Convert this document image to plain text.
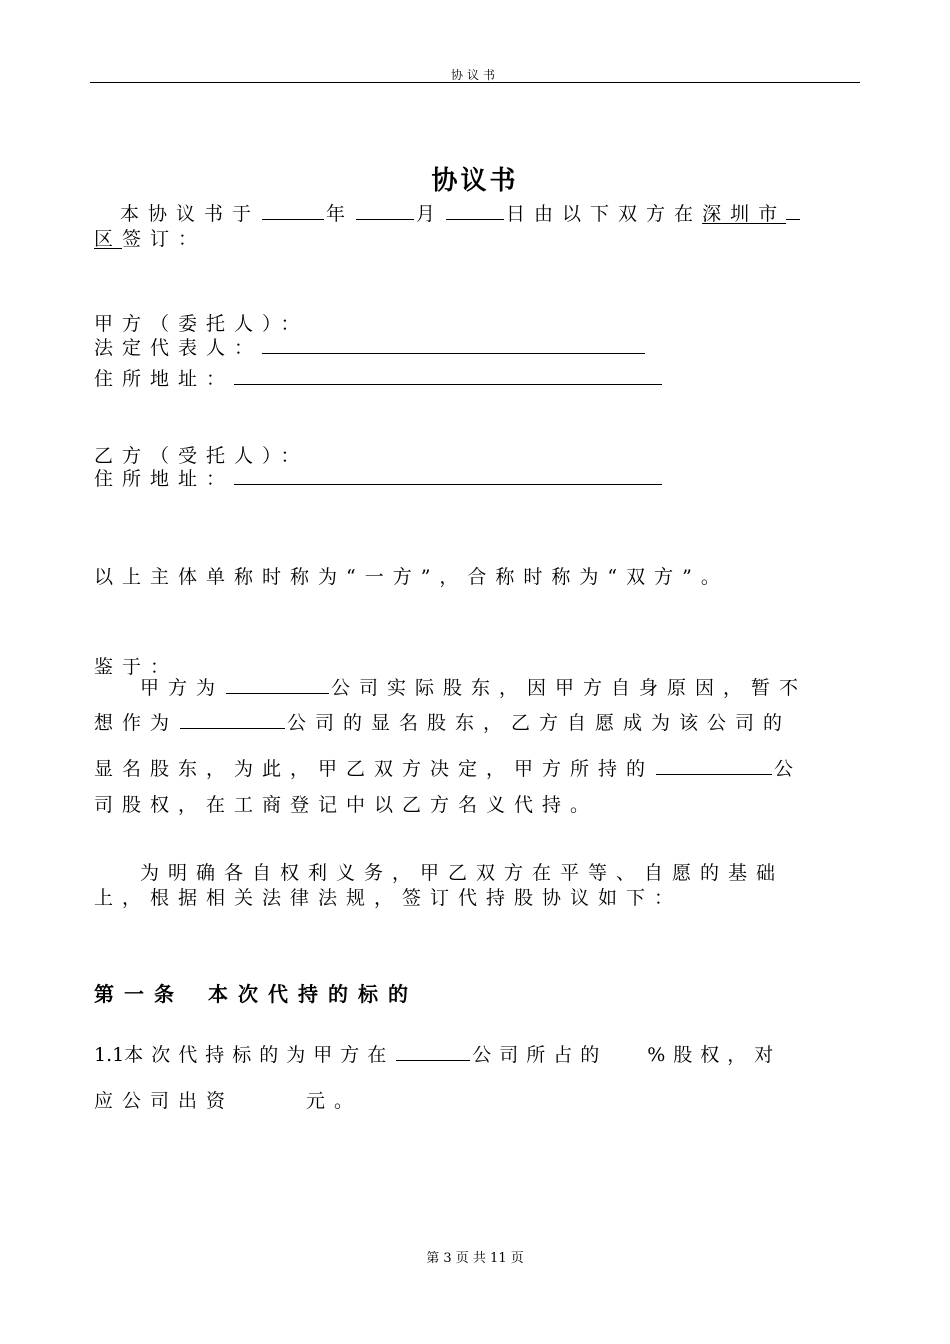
协议书
协议书
本协议书于	年	月	日由以下双方在深圳市
区签订：
甲方（委托人）：
法定代表人：
住所地址：
乙方（受托人）：
住所地址：
以上主体单称时称为“一方”，合称时称为“双方”。
鉴于：
甲方为	公司实际股东，因甲方自身原因，暂不
想作为	公司的显名股东，乙方自愿成为该公司的
显名股东，为此，甲乙双方决定，甲方所持的	公
司股权，在工商登记中以乙方名义代持。
为明确各自权利义务，甲乙双方在平等、自愿的基础
上，根据相关法律法规，签订代持股协议如下：
第一条 本次代持的标的
1.1本次代持标的为甲方在	公司所占的 %股权，对
应公司出资	元。
第 3 页 共 11 页
